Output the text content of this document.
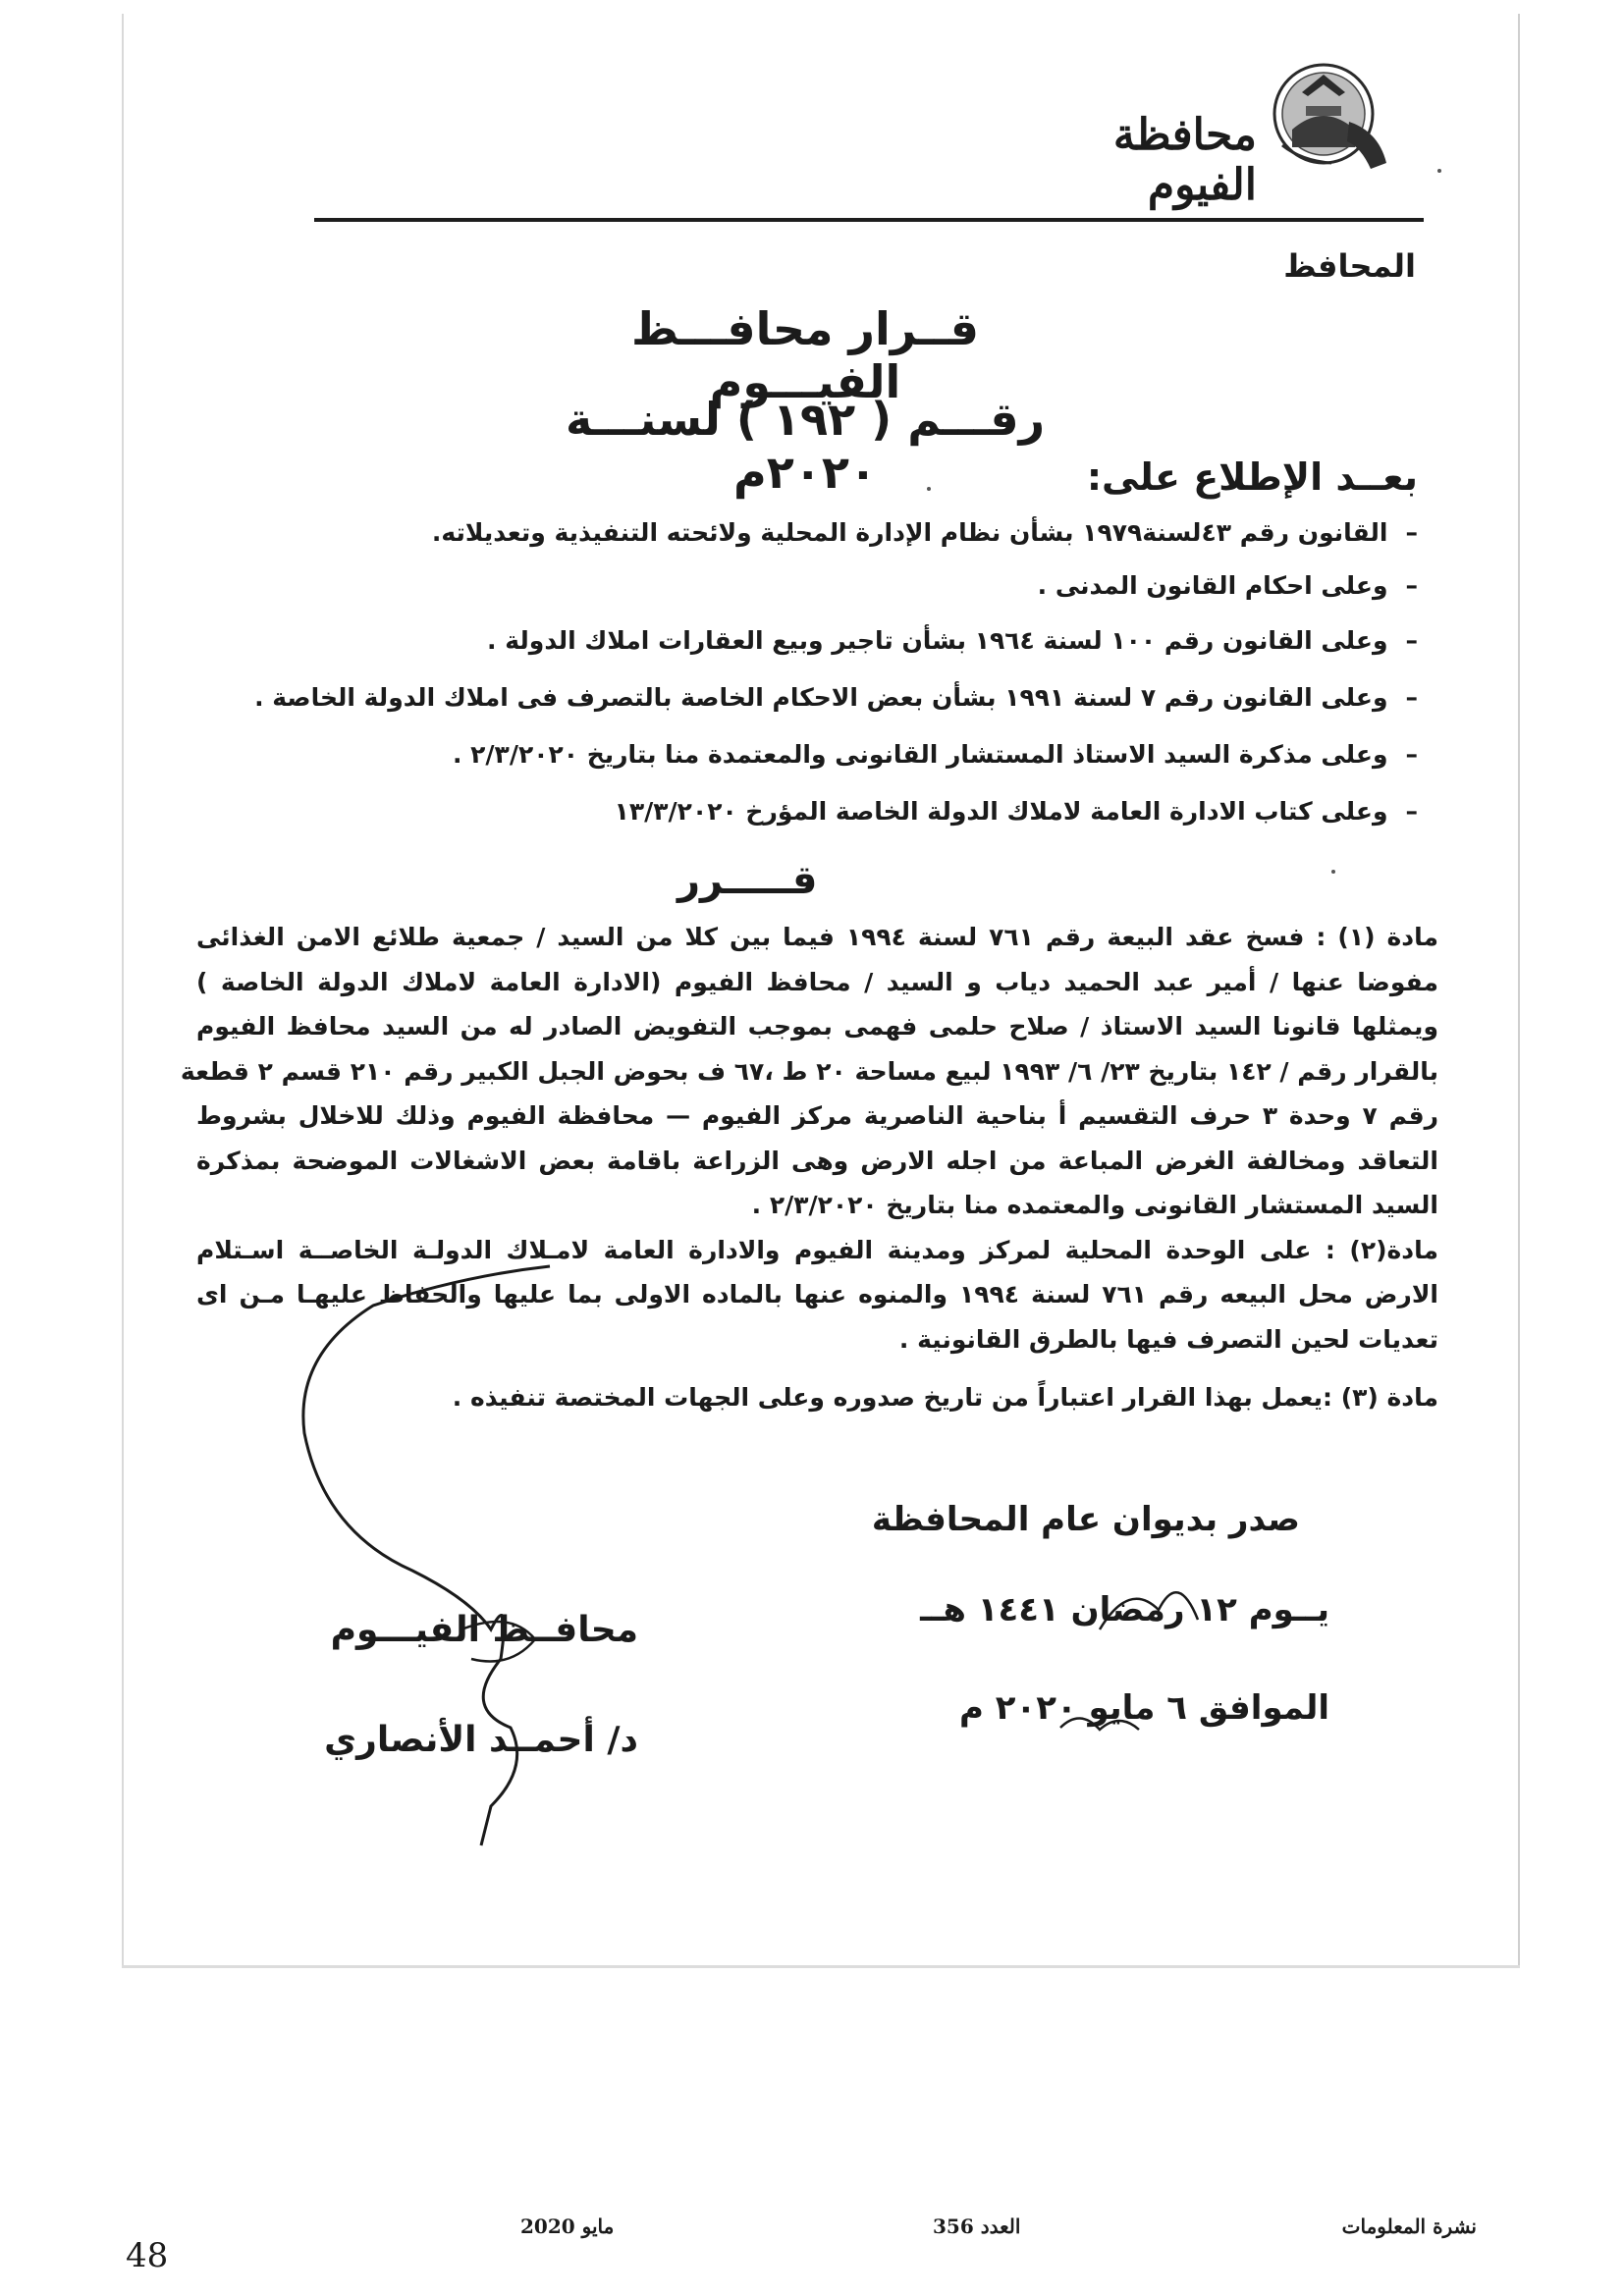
محافظة الفيوم
المحافظ
قــرار محافـــظ الفيـــوم
رقـــم ( ١٩٢ ) لسنـــة ٢٠٢٠م	بعــد الإطلاع على:
–القانون رقم ٤٣لسنة١٩٧٩ بشأن نظام الإدارة المحلية ولائحته التنفيذية وتعديلاته.
–وعلى احكام القانون المدنى .
–وعلى القانون رقم ١٠٠ لسنة ١٩٦٤ بشأن تاجير وبيع العقارات املاك الدولة .
–وعلى القانون رقم ٧ لسنة ١٩٩١ بشأن بعض الاحكام الخاصة بالتصرف فى املاك الدولة الخاصة .
–وعلى مذكرة السيد الاستاذ المستشار القانونى والمعتمدة منا بتاريخ ٢/٣/٢٠٢٠ .
–وعلى كتاب الادارة العامة لاملاك الدولة الخاصة المؤرخ ١٣/٣/٢٠٢٠
قـــــرر
مادة (١) : فسخ عقد البيعة رقم ٧٦١ لسنة ١٩٩٤ فيما بين كلا من السيد / جمعية طلائع الامن الغذائى
مفوضا عنها / أمير عبد الحميد دياب و السيد / محافظ الفيوم (الادارة العامة لاملاك الدولة الخاصة )
ويمثلها قانونا السيد الاستاذ / صلاح حلمى فهمى بموجب التفويض الصادر له من السيد محافظ الفيوم
بالقرار رقم / ١٤٢ بتاريخ ٢٣/ ٦/ ١٩٩٣ لبيع مساحة ٢٠ ط ،٦٧ ف بحوض الجبل الكبير رقم ٢١٠ قسم ٢ قطعة
رقم ٧ وحدة ٣ حرف التقسيم أ بناحية الناصرية مركز الفيوم — محافظة الفيوم وذلك للاخلال بشروط
التعاقد ومخالفة الغرض المباعة من اجله الارض وهى الزراعة باقامة بعض الاشغالات الموضحة بمذكرة
السيد المستشار القانونى والمعتمده منا بتاريخ ٢/٣/٢٠٢٠ .
مادة(٢) : على الوحدة المحلية لمركز ومدينة الفيوم والادارة العامة لامـلاك الدولـة الخاصــة اسـتلام
الارض محل البيعه رقم ٧٦١ لسنة ١٩٩٤ والمنوه عنها بالماده الاولى بما عليها والحفاظ عليهـا مـن اى
تعديات لحين التصرف فيها بالطرق القانونية .
مادة (٣) :يعمل بهذا القرار اعتباراً من تاريخ صدوره وعلى الجهات المختصة تنفيذه .
صدر بديوان عام المحافظة
يــوم ١٢ رمضان ١٤٤١ هــ
الموافق ٦ مايو ٢٠٢٠ م
محافــظ الفيـــوم
د/ أحمــد الأنصاري
نشرة المعلومات
العدد 356
مايو 2020
48
